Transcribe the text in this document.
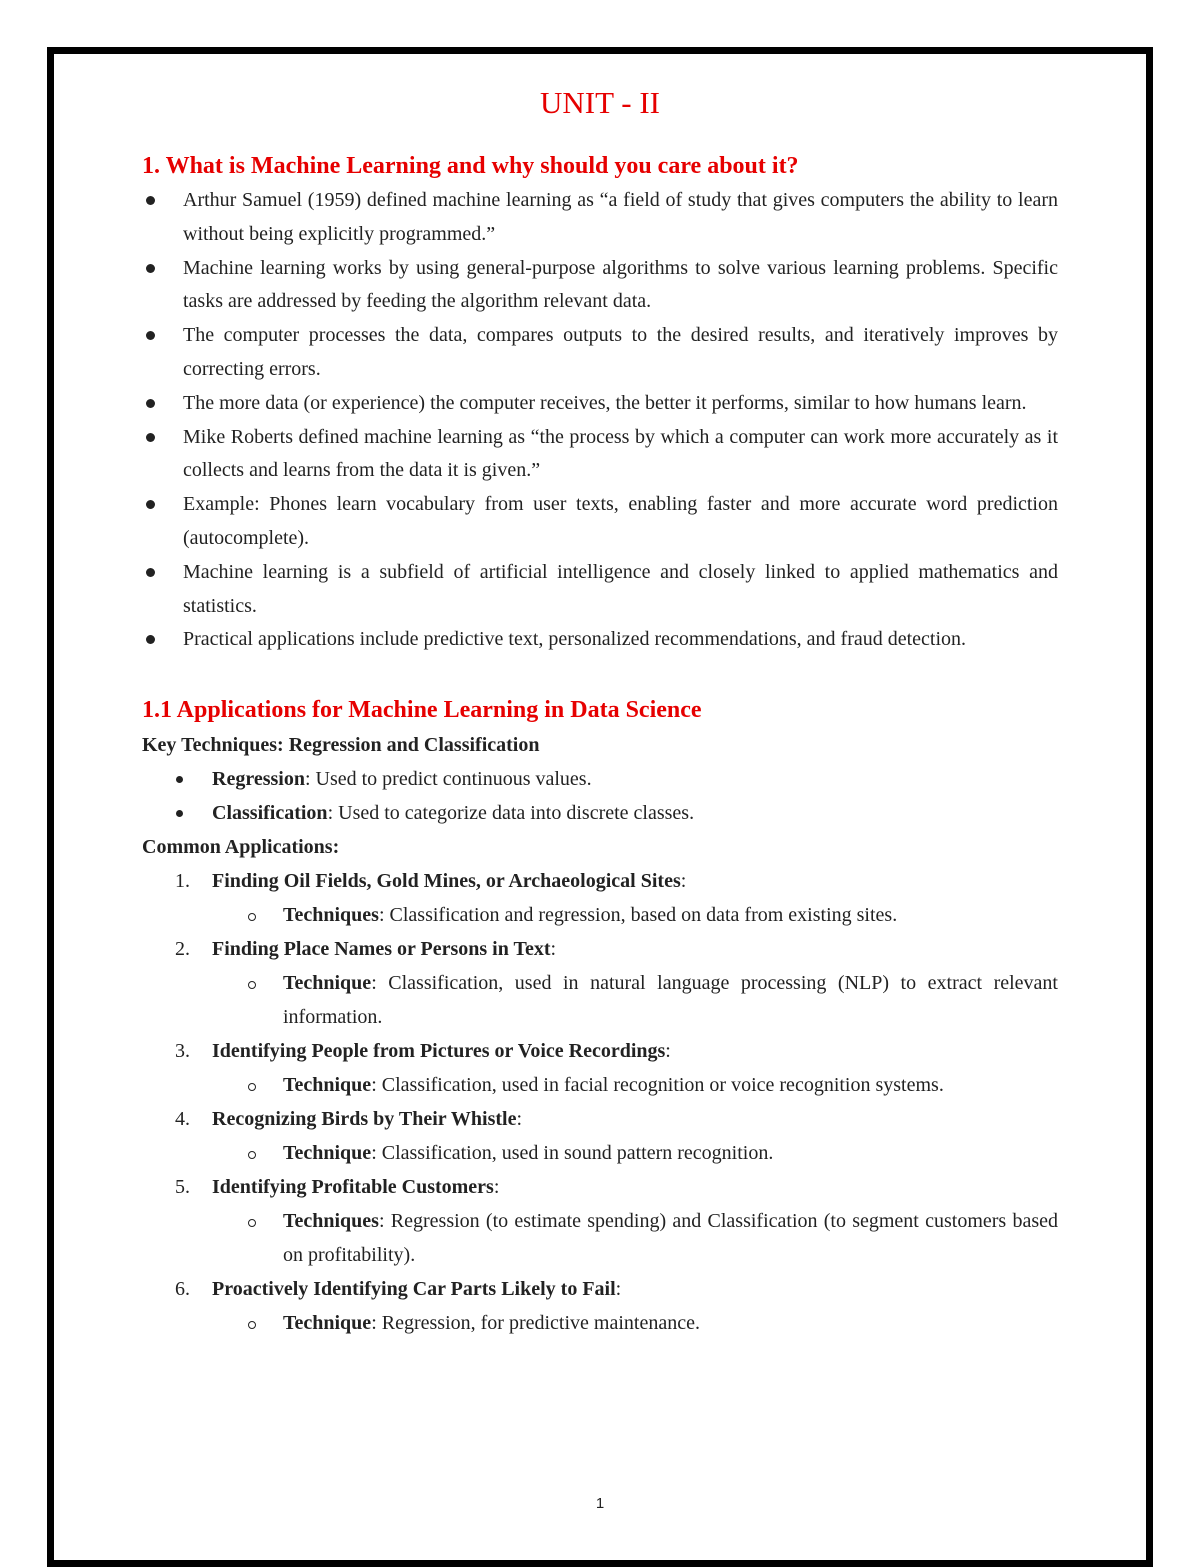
UNIT - II
1. What is Machine Learning and why should you care about it?
Arthur Samuel (1959) defined machine learning as “a field of study that gives computers the ability to learn without being explicitly programmed.”
Machine learning works by using general-purpose algorithms to solve various learning problems. Specific tasks are addressed by feeding the algorithm relevant data.
The computer processes the data, compares outputs to the desired results, and iteratively improves by correcting errors.
The more data (or experience) the computer receives, the better it performs, similar to how humans learn.
Mike Roberts defined machine learning as “the process by which a computer can work more accurately as it collects and learns from the data it is given.”
Example: Phones learn vocabulary from user texts, enabling faster and more accurate word prediction (autocomplete).
Machine learning is a subfield of artificial intelligence and closely linked to applied mathematics and statistics.
Practical applications include predictive text, personalized recommendations, and fraud detection.
1.1 Applications for Machine Learning in Data Science

Key Techniques: Regression and Classification

Regression: Used to predict continuous values.
Classification: Used to categorize data into discrete classes.

Common Applications:

1. Finding Oil Fields, Gold Mines, or Archaeological Sites:
Techniques: Classification and regression, based on data from existing sites.
2. Finding Place Names or Persons in Text:
Technique: Classification, used in natural language processing (NLP) to extract relevant information.
3. Identifying People from Pictures or Voice Recordings:
Technique: Classification, used in facial recognition or voice recognition systems.
4. Recognizing Birds by Their Whistle:
Technique: Classification, used in sound pattern recognition.
5. Identifying Profitable Customers:
Techniques: Regression (to estimate spending) and Classification (to segment customers based on profitability).
6. Proactively Identifying Car Parts Likely to Fail:
Technique: Regression, for predictive maintenance.
1
